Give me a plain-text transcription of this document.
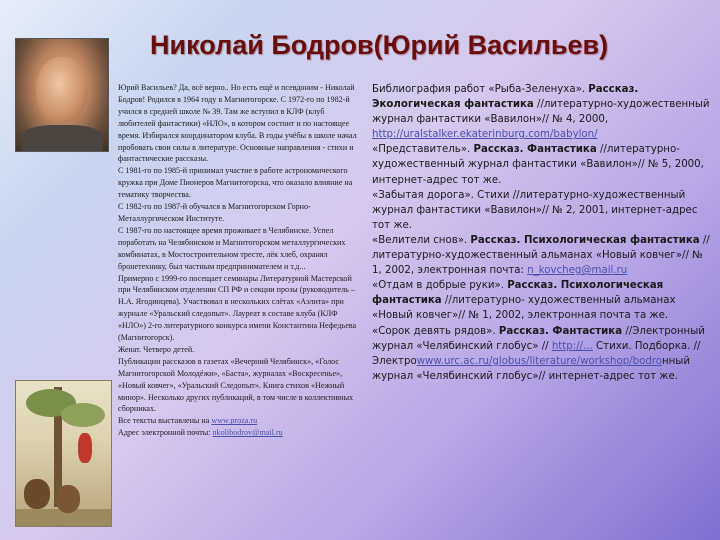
Николай Бодров(Юрий Васильев)

Юрий Васильев? Да, всё верно.. Но есть ещё и псевдоним - Николай Бодров! Родился в 1964 году в Магнитогорске. С 1972-го по 1982-й учился в средней школе № 39. Там же вступил в КЛФ (клуб любителей фантастики) «НЛО», в котором состоит и по настоящее время. Избирался координатором клуба. В годы учёбы в школе начал пробовать свои силы в литературе. Основные направления - стихи и фантастические рассказы.

С 1981-го по 1985-й принимал участие в работе астрономического кружка при Доме Пионеров Магнитогорска, что оказало влияние на тематику творчества.

С 1982-го по 1987-й обучался в Магнитогорском Горно-Металлургическом Институте.

С 1987-го по настоящее время проживает в Челябинске. Успел поработать на Челябинском и Магнитогорском металлургических комбинатах, в Мостостроительном тресте, лёк хлеб, охранял бронетехнику, был частным предпринимателем и т.д...

Примерно с 1999-го посещает семинары Литературной Мастерской при Челябинском отделении СП РФ и секции прозы (руководитель – Н.А. Ягодинцева). Участвовал в нескольких слётах «Аэлита» при журнале «Уральский следопыт». Лауреат в составе клуба (КЛФ «НЛО») 2-го литературного конкурса имени Константина Нефедьева (Магнитогорск).

Женат. Четверо детей.

Публикации рассказов в газетах «Вечерний Челябинск», «Голос Магнитогорской Молодёжи», «Баста», журналах «Воскресенье», «Новый ковчег», «Уральский Следопыт». Книга стихов «Нежный минор». Несколько других публикаций, в том числе в коллективных сборниках.

Все тексты выставлены на www.proza.ru

Адрес электронной почты: nkolibodrov@mail.ru

Библиография работ «Рыба-Зеленуха». Рассказ. Экологическая фантастика //литературно-художественный журнал фантастики «Вавилон»// № 4, 2000, http://uralstalker.ekaterinburg.com/babylon/

«Представитель». Рассказ. Фантастика //литературно-художественный журнал фантастики «Вавилон»// № 5, 2000, интернет-адрес тот же.

«Забытая дорога». Стихи //литературно-художественный журнал фантастики «Вавилон»// № 2, 2001, интернет-адрес тот же.

«Велители снов». Рассказ. Психологическая фантастика //литературно-художественный альманах «Новый ковчег»// № 1, 2002, электронная почта: n_kovcheg@mail.ru

«Отдам в добрые руки». Рассказ. Психологическая фантастика //литературно- художественный альманах «Новый ковчег»// № 1, 2002, электронная почта та же.

«Сорок девять рядов». Рассказ. Фантастика //Электронный журнал «Челябинский глобус» // http://... Стихи. Подборка. //Электроwww.urc.ac.ru/globus/literature/workshop/bodroнный журнал «Челябинский глобус»// интернет-адрес тот же.
